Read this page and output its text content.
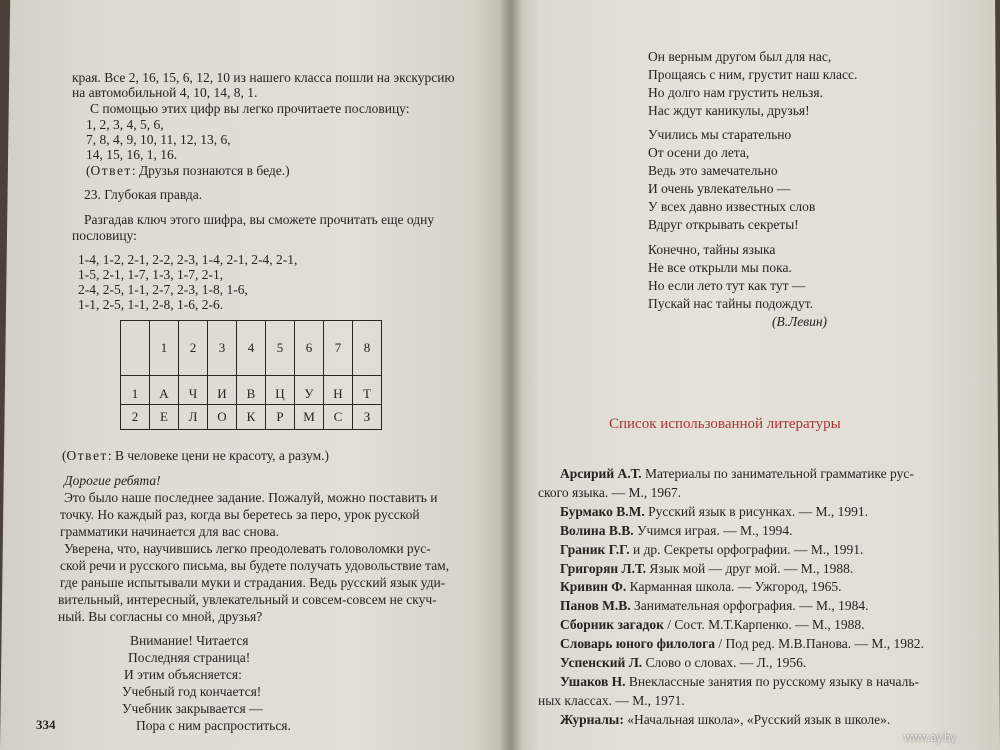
края. Все 2, 16, 15, 6, 12, 10 из нашего класса пошли на экскурсию
на автомобильной 4, 10, 14, 8, 1.
С помощью этих цифр вы легко прочитаете пословицу:
1, 2, 3, 4, 5, 6,
7, 8, 4, 9, 10, 11, 12, 13, 6,
14, 15, 16, 1, 16.
(Ответ: Друзья познаются в беде.)
23. Глубокая правда.
Разгадав ключ этого шифра, вы сможете прочитать еще одну
пословицу:
1-4, 1-2, 2-1, 2-2, 2-3, 1-4, 2-1, 2-4, 2-1,
1-5, 2-1, 1-7, 1-3, 1-7, 2-1,
2-4, 2-5, 1-1, 2-7, 2-3, 1-8, 1-6,
1-1, 2-5, 1-1, 2-8, 1-6, 2-6.
	1	2	3	4	5	6	7	8
1	А	Ч	И	В	Ц	У	Н	Т
2	Е	Л	О	К	Р	М	С	З
(Ответ: В человеке цени не красоту, а разум.)
Дорогие ребята!
Это было наше последнее задание. Пожалуй, можно поставить и
точку. Но каждый раз, когда вы беретесь за перо, урок русской
грамматики начинается для вас снова.
Уверена, что, научившись легко преодолевать головоломки рус-
ской речи и русского письма, вы будете получать удовольствие там,
где раньше испытывали муки и страдания. Ведь русский язык уди-
вительный, интересный, увлекательный и совсем-совсем не скуч-
ный. Вы согласны со мной, друзья?
Внимание! Читается
Последняя страница!
И этим объясняется:
Учебный год кончается!
Учебник закрывается —
Пора с ним распроститься.
334
Он верным другом был для нас,
Прощаясь с ним, грустит наш класс.
Но долго нам грустить нельзя.
Нас ждут каникулы, друзья!
Учились мы старательно
От осени до лета,
Ведь это замечательно
И очень увлекательно —
У всех давно известных слов
Вдруг открывать секреты!
Конечно, тайны языка
Не все открыли мы пока.
Но если лето тут как тут —
Пускай нас тайны подождут.
(В.Левин)
Список использованной литературы

Арсирий А.Т. Материалы по занимательной грамматике рус-ского языка. — М., 1967.

Бурмако В.М. Русский язык в рисунках. — М., 1991.

Волина В.В. Учимся играя. — М., 1994.

Граник Г.Г. и др. Секреты орфографии. — М., 1991.

Григорян Л.Т. Язык мой — друг мой. — М., 1988.

Кривин Ф. Карманная школа. — Ужгород, 1965.

Панов М.В. Занимательная орфография. — М., 1984.

Сборник загадок / Сост. М.Т.Карпенко. — М., 1988.

Словарь юного филолога / Под ред. М.В.Панова. — М., 1982.

Успенский Л. Слово о словах. — Л., 1956.

Ушаков Н. Внеклассные занятия по русскому языку в началь-ных классах. — М., 1971.

Журналы: «Начальная школа», «Русский язык в школе».

www.ay.by
